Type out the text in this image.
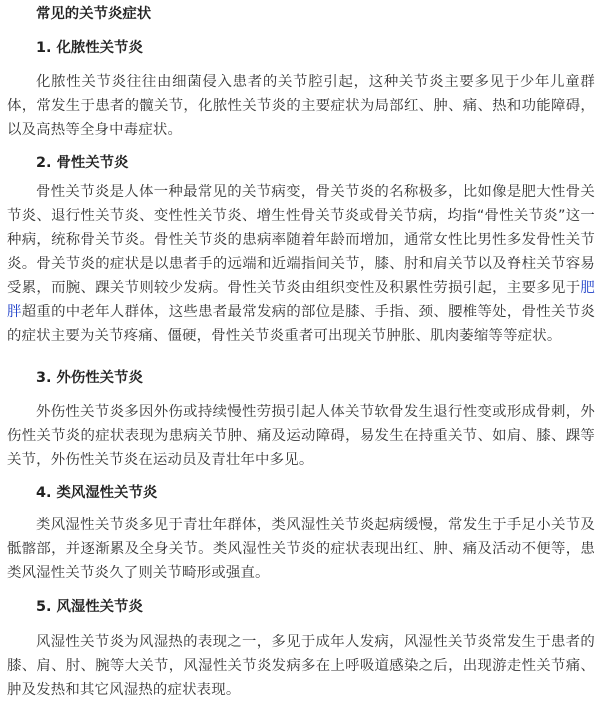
常见的关节炎症状
1. 化脓性关节炎

化脓性关节炎往往由细菌侵入患者的关节腔引起，这种关节炎主要多见于少年儿童群体，常发生于患者的髋关节，化脓性关节炎的主要症状为局部红、肿、痛、热和功能障碍，以及高热等全身中毒症状。

2. 骨性关节炎

骨性关节炎是人体一种最常见的关节病变，骨关节炎的名称极多，比如像是肥大性骨关节炎、退行性关节炎、变性性关节炎、增生性骨关节炎或骨关节病，均指“骨性关节炎”这一种病，统称骨关节炎。骨性关节炎的患病率随着年龄而增加，通常女性比男性多发骨性关节炎。骨关节炎的症状是以患者手的远端和近端指间关节，膝、肘和肩关节以及脊柱关节容易受累，而腕、踝关节则较少发病。骨性关节炎由组织变性及积累性劳损引起，主要多见于肥胖超重的中老年人群体，这些患者最常发病的部位是膝、手指、颈、腰椎等处，骨性关节炎的症状主要为关节疼痛、僵硬，骨性关节炎重者可出现关节肿胀、肌肉萎缩等等症状。

3. 外伤性关节炎

外伤性关节炎多因外伤或持续慢性劳损引起人体关节软骨发生退行性变或形成骨刺，外伤性关节炎的症状表现为患病关节肿、痛及运动障碍，易发生在持重关节、如肩、膝、踝等关节，外伤性关节炎在运动员及青壮年中多见。

4. 类风湿性关节炎

类风湿性关节炎多见于青壮年群体，类风湿性关节炎起病缓慢，常发生于手足小关节及骶髂部，并逐渐累及全身关节。类风湿性关节炎的症状表现出红、肿、痛及活动不便等，患类风湿性关节炎久了则关节畸形或强直。

5. 风湿性关节炎

风湿性关节炎为风湿热的表现之一，多见于成年人发病，风湿性关节炎常发生于患者的膝、肩、肘、腕等大关节，风湿性关节炎发病多在上呼吸道感染之后，出现游走性关节痛、肿及发热和其它风湿热的症状表现。
